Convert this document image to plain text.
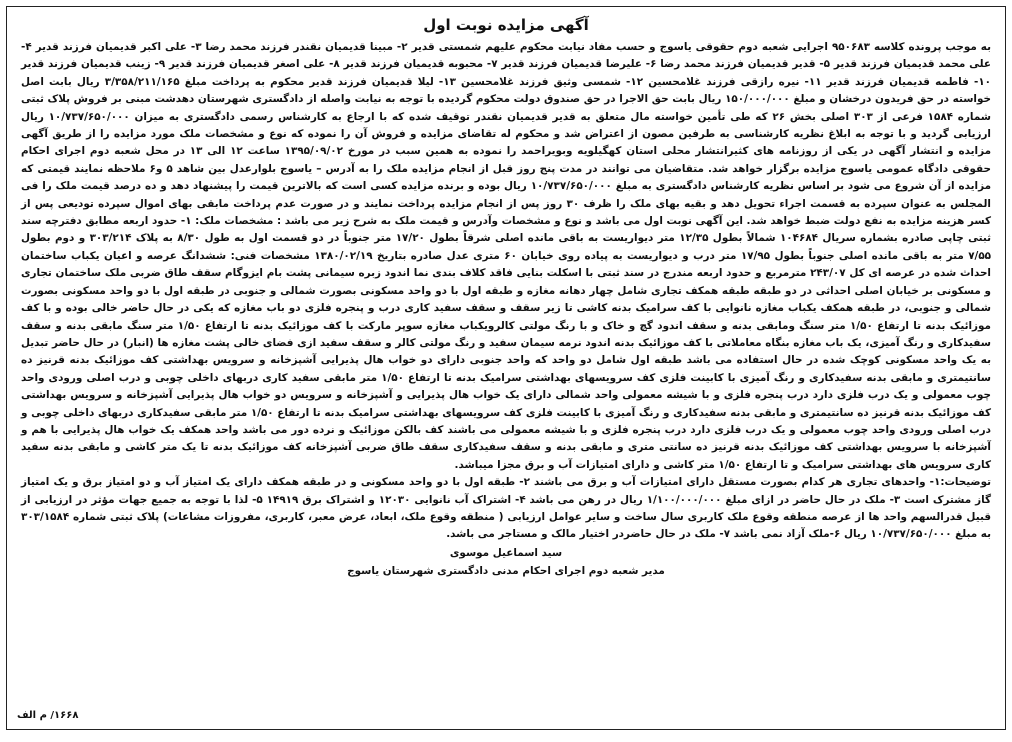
آگهی مزایده نوبت اول

به موجب پرونده کلاسه ۹۵۰۶۸۳ اجرایی شعبه دوم حقوقی یاسوج و حسب مفاد نیابت محکوم علیهم شمستی قدیر ۲- مبینا قدیمیان نقندر فرزند محمد رضا ۳- علی اکبر قدیمیان فرزند قدیر ۴- علی محمد قدیمیان فرزند قدیر ۵- قدیر قدیمیان فرزند محمد رضا ۶- علیرضا قدیمیان فرزند قدیر ۷- محبوبه قدیمیان فرزند قدیر ۸- علی اصغر قدیمیان فرزند قدیر ۹- زینب قدیمیان فرزند قدیر ۱۰- فاطمه قدیمیان فرزند قدیر ۱۱- نیره رازقی فرزند غلامحسین ۱۲- شمسی وثیق فرزند غلامحسین ۱۳- لیلا قدیمیان فرزند قدیر محکوم به پرداخت مبلغ ۳/۳۵۸/۲۱۱/۱۶۵ ریال بابت اصل خواسته در حق فریدون درخشان و مبلغ ۱۵۰/۰۰۰/۰۰۰ ریال بابت حق الاجرا در حق صندوق دولت محکوم گردیده با توجه به نیابت واصله از دادگستری شهرستان دهدشت مبنی بر فروش پلاک ثبتی شماره ۱۵۸۴ فرعی از ۳۰۳ اصلی بخش ۲۶ که طی تأمین خواسته مال متعلق به قدیر قدیمیان نقندر توقیف شده که با ارجاع به کارشناس رسمی دادگستری به میزان ۱۰/۷۳۷/۶۵۰/۰۰۰ ریال ارزیابی گردید و با توجه به ابلاغ نظریه کارشناسی به طرفین مصون از اعتراض شد و محکوم له تقاضای مزایده و فروش آن را نموده که نوع و مشخصات ملک مورد مزایده را از طریق آگهی مزایده و انتشار آگهی در یکی از روزنامه های کثیرانتشار محلی استان کهگیلویه وبویراحمد را نموده به همین سبب در مورخ ۱۳۹۵/۰۹/۰۲ ساعت ۱۲ الی ۱۳ در محل شعبه دوم اجرای احکام حقوقی دادگاه عمومی یاسوج مزایده برگزار خواهد شد. متقاضیان می توانند در مدت پنج روز قبل از انجام مزایده ملک را به آدرس – یاسوج بلوارعدل بین شاهد ۵ و۶ ملاحظه نمایند قیمتی که مزایده از آن شروع می شود بر اساس نظریه کارشناس دادگستری به مبلغ ۱۰/۷۳۷/۶۵۰/۰۰۰ ریال بوده و برنده مزایده کسی است که بالاترین قیمت را پیشنهاد دهد و ده درصد قیمت ملک را فی المجلس به عنوان سپرده به قسمت اجراء تحویل دهد و بقیه بهای ملک را ظرف ۳۰ روز پس از انجام مزایده پرداخت نمایند و در صورت عدم پرداخت مابقی بهای اموال سپرده تودیعی پس از کسر هزینه مزایده به نفع دولت ضبط خواهد شد. این آگهی نوبت اول می باشد و نوع و مشخصات وآدرس و قیمت ملک به شرح زیر می باشد : مشخصات ملک: ۱- حدود اربعه مطابق دفترچه سند ثبتی چاپی صادره بشماره سریال ۱۰۴۶۸۴ شمالاً بطول ۱۲/۳۵ متر دیواریست به باقی مانده اصلی شرقاً بطول ۱۷/۲۰ متر جنوباً در دو قسمت اول به طول ۸/۳۰ به پلاک ۳۰۳/۲۱۴ و دوم بطول ۷/۵۵ متر به باقی مانده اصلی جنوباً بطول ۱۷/۹۵ متر درب و دیواریست به پیاده روی خیابان ۶۰ متری عدل صادره بتاریخ ۱۳۸۰/۰۲/۱۹ مشخصات فنی: ششدانگ عرصه و اعیان یکباب ساختمان احداث شده در عرصه ای کل ۲۴۳/۰۷ مترمربع و حدود اربعه مندرج در سند ثبتی با اسکلت بنایی فاقد کلاف بندی نما اندود زبره سیمانی پشت بام ایزوگام سقف طاق ضربی ملک ساختمان تجاری و مسکونی بر خیابان اصلی احداثی در دو طبقه طبقه همکف تجاری شامل چهار دهانه مغازه و طبقه اول با دو واحد مسکونی بصورت شمالی و جنوبی در طبقه اول با دو واحد مسکونی بصورت شمالی و جنوبی، در طبقه همکف یکباب مغازه نانوایی با کف سرامیک بدنه کاشی تا زیر سقف و سقف سفید کاری درب و پنجره فلزی دو باب مغازه که یکی در حال حاضر خالی بوده و با کف موزائیک بدنه تا ارتفاع ۱/۵۰ متر سنگ ومابقی بدنه و سقف اندود گچ و خاک و با رنگ مولتی کالرویکباب مغازه سوپر مارکت با کف موزائیک بدنه تا ارتفاع ۱/۵۰ متر سنگ مابقی بدنه و سقف سفیدکاری و رنگ آمیزی، یک باب مغازه بنگاه معاملاتی با کف موزائیک بدنه اندود نرمه سیمان سفید و رنگ مولتی کالر و سقف سفید ازی فضای خالی پشت مغازه ها (انبار) در حال حاضر تبدیل به یک واحد مسکونی کوچک شده در حال استفاده می باشد طبقه اول شامل دو واحد که واحد جنوبی دارای دو خواب هال پذیرایی آشپزخانه و سرویس بهداشتی کف موزائیک بدنه قرنیز ده سانتیمتری و مابقی بدنه سفیدکاری و رنگ آمیزی با کابینت فلزی کف سرویسهای بهداشتی سرامیک بدنه تا ارتفاع ۱/۵۰ متر مابقی سفید کاری دربهای داخلی چوبی و درب اصلی ورودی واحد چوب معمولی و یک درب فلزی دارد درب پنجره فلزی و با شیشه معمولی واحد شمالی دارای یک خواب هال پذیرایی و آشپزخانه و سرویس دو خواب هال پذیرایی آشپزخانه و سرویس بهداشتی کف موزائیک بدنه قرنیز ده سانتیمتری و مابقی بدنه سفیدکاری و رنگ آمیزی با کابینت فلزی کف سرویسهای بهداشتی سرامیک بدنه تا ارتفاع ۱/۵۰ متر مابقی سفیدکاری دربهای داخلی چوبی و درب اصلی ورودی واحد چوب معمولی و یک درب فلزی دارد درب پنجره فلزی و با شیشه معمولی می باشند کف بالکن موزائیک و نرده دور می باشد واحد همکف یک خواب هال پذیرایی با هم و آشپزخانه با سرویس بهداشتی کف موزائیک بدنه قرنیز ده سانتی متری و مابقی بدنه و سقف سفیدکاری سقف طاق ضربی آشپزخانه کف موزائیک بدنه تا یک متر کاشی و مابقی بدنه سفید کاری سرویس های بهداشتی سرامیک و تا ارتفاع ۱/۵۰ متر کاشی و دارای امتیازات آب و برق مجزا میباشد.

توضیحات:۱- واحدهای تجاری هر کدام بصورت مستقل دارای امتیازات آب و برق می باشند ۲- طبقه اول با دو واحد مسکونی و در طبقه همکف دارای یک امتیاز آب و دو امتیاز برق و یک امتیاز گاز مشترک است ۳- ملک در حال حاضر در ازای مبلغ ۱/۱۰۰/۰۰۰/۰۰۰ ریال در رهن می باشد ۴- اشتراک آب نانوایی ۱۲۰۳۰ و اشتراک برق ۱۴۹۱۹ ۵- لذا با توجه به جمیع جهات مؤثر در ارزیابی از قبیل قدرالسهم واحد ها از عرصه منطقه وقوع ملک کاربری سال ساخت و سایر عوامل ارزیابی ( منطقه وقوع ملک، ابعاد، عرض معبر، کاربری، مفروزات مشاعات) پلاک ثبتی شماره ۳۰۳/۱۵۸۴ به مبلغ ۱۰/۷۳۷/۶۵۰/۰۰۰ ریال ۶-ملک آزاد نمی باشد ۷- ملک در حال حاضردر اختیار مالک و مستاجر می باشد.

سید اسماعیل موسوی
مدیر شعبه دوم اجرای احکام مدنی دادگستری شهرستان یاسوج
۱۶۶۸/ م الف
